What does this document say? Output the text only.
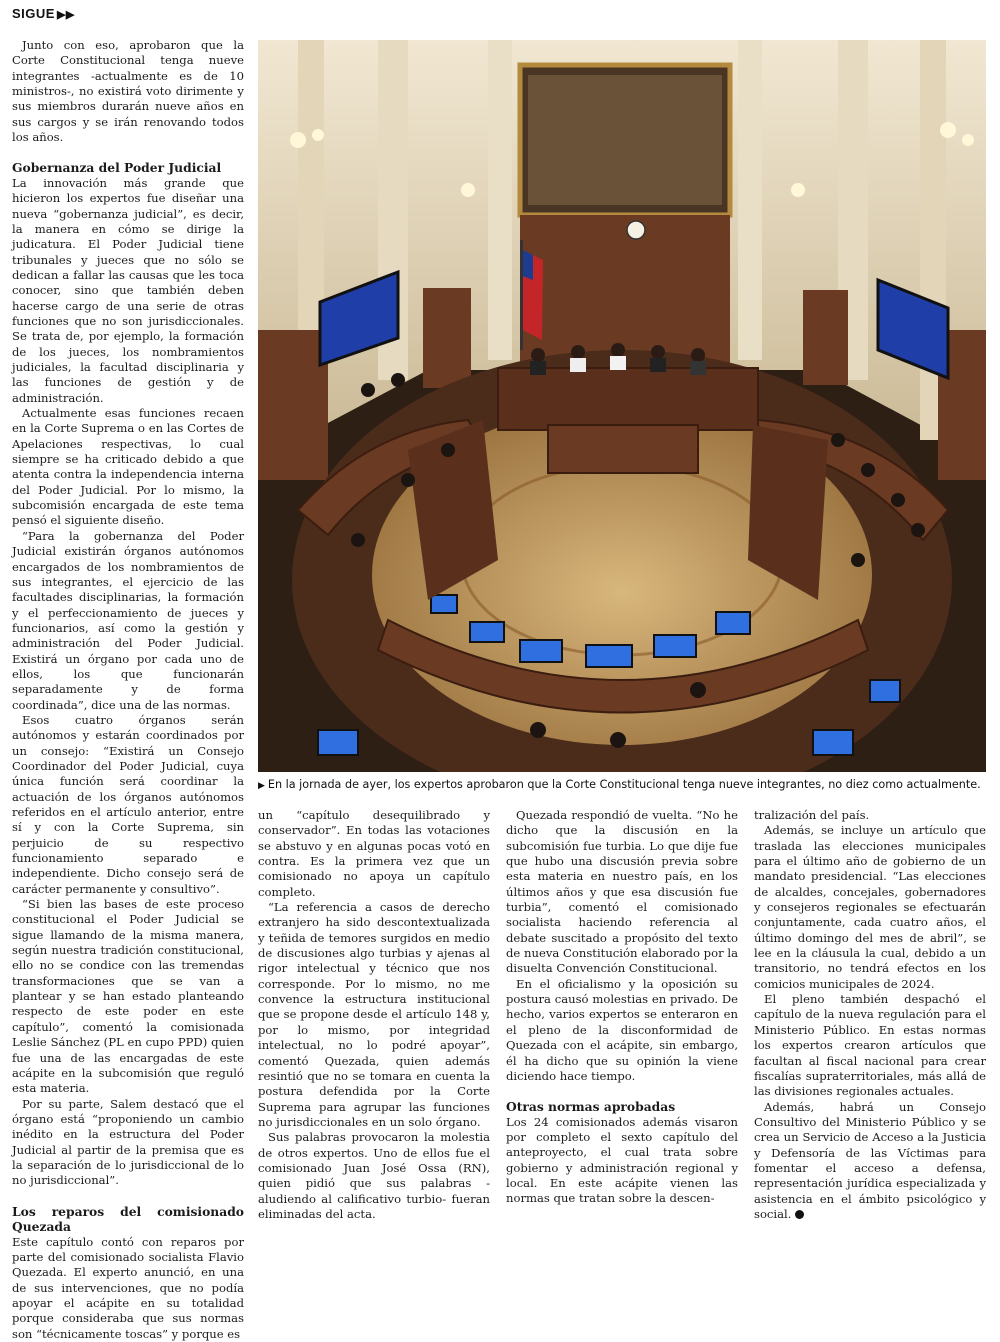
SIGUE ▶▶

Junto con eso, aprobaron que la Corte Constitucional tenga nueve integrantes -actualmente es de 10 ministros-, no existirá voto dirimente y sus miembros durarán nueve años en sus cargos y se irán renovando todos los años.

Gobernanza del Poder Judicial

La innovación más grande que hicieron los expertos fue diseñar una nueva “gobernanza judicial”, es decir, la manera en cómo se dirige la judicatura. El Poder Judicial tiene tribunales y jueces que no sólo se dedican a fallar las causas que les toca conocer, sino que también deben hacerse cargo de una serie de otras funciones que no son jurisdiccionales. Se trata de, por ejemplo, la formación de los jueces, los nombramientos judiciales, la facultad disciplinaria y las funciones de gestión y de administración.

Actualmente esas funciones recaen en la Corte Suprema o en las Cortes de Apelaciones respectivas, lo cual siempre se ha criticado debido a que atenta contra la independencia interna del Poder Judicial. Por lo mismo, la subcomisión encargada de este tema pensó el siguiente diseño.

“Para la gobernanza del Poder Judicial existirán órganos autónomos encargados de los nombramientos de sus integrantes, el ejercicio de las facultades disciplinarias, la formación y el perfeccionamiento de jueces y funcionarios, así como la gestión y administración del Poder Judicial. Existirá un órgano por cada uno de ellos, los que funcionarán separadamente y de forma coordinada”, dice una de las normas.

Esos cuatro órganos serán autónomos y estarán coordinados por un consejo: “Existirá un Consejo Coordinador del Poder Judicial, cuya única función será coordinar la actuación de los órganos autónomos referidos en el artículo anterior, entre sí y con la Corte Suprema, sin perjuicio de su respectivo funcionamiento separado e independiente. Dicho consejo será de carácter permanente y consultivo”.

“Si bien las bases de este proceso constitucional el Poder Judicial se sigue llamando de la misma manera, según nuestra tradición constitucional, ello no se condice con las tremendas transformaciones que se van a plantear y se han estado planteando respecto de este poder en este capítulo”, comentó la comisionada Leslie Sánchez (PL en cupo PPD) quien fue una de las encargadas de este acápite en la subcomisión que reguló esta materia.

Por su parte, Salem destacó que el órgano está “proponiendo un cambio inédito en la estructura del Poder Judicial al partir de la premisa que es la separación de lo jurisdiccional de lo no jurisdiccional”.

Los reparos del comisionado Quezada

Este capítulo contó con reparos por parte del comisionado socialista Flavio Quezada. El experto anunció, en una de sus intervenciones, que no podía apoyar el acápite en su totalidad porque consideraba que sus normas son “técnicamente toscas” y porque es

▶ En la jornada de ayer, los expertos aprobaron que la Corte Constitucional tenga nueve integrantes, no diez como actualmente.

un “capítulo desequilibrado y conservador”. En todas las votaciones se abstuvo y en algunas pocas votó en contra. Es la primera vez que un comisionado no apoya un capítulo completo.

“La referencia a casos de derecho extranjero ha sido descontextualizada y teñida de temores surgidos en medio de discusiones algo turbias y ajenas al rigor intelectual y técnico que nos corresponde. Por lo mismo, no me convence la estructura institucional que se propone desde el artículo 148 y, por lo mismo, por integridad intelectual, no lo podré apoyar”, comentó Quezada, quien además resintió que no se tomara en cuenta la postura defendida por la Corte Suprema para agrupar las funciones no jurisdiccionales en un solo órgano.

Sus palabras provocaron la molestia de otros expertos. Uno de ellos fue el comisionado Juan José Ossa (RN), quien pidió que sus palabras -aludiendo al calificativo turbio- fueran eliminadas del acta.

Quezada respondió de vuelta. “No he dicho que la discusión en la subcomisión fue turbia. Lo que dije fue que hubo una discusión previa sobre esta materia en nuestro país, en los últimos años y que esa discusión fue turbia”, comentó el comisionado socialista haciendo referencia al debate suscitado a propósito del texto de nueva Constitución elaborado por la disuelta Convención Constitucional.

En el oficialismo y la oposición su postura causó molestias en privado. De hecho, varios expertos se enteraron en el pleno de la disconformidad de Quezada con el acápite, sin embargo, él ha dicho que su opinión la viene diciendo hace tiempo.

Otras normas aprobadas

Los 24 comisionados además visaron por completo el sexto capítulo del anteproyecto, el cual trata sobre gobierno y administración regional y local. En este acápite vienen las normas que tratan sobre la descen-

tralización del país.

Además, se incluye un artículo que traslada las elecciones municipales para el último año de gobierno de un mandato presidencial. “Las elecciones de alcaldes, concejales, gobernadores y consejeros regionales se efectuarán conjuntamente, cada cuatro años, el último domingo del mes de abril”, se lee en la cláusula la cual, debido a un transitorio, no tendrá efectos en los comicios municipales de 2024.

El pleno también despachó el capítulo de la nueva regulación para el Ministerio Público. En estas normas los expertos crearon artículos que facultan al fiscal nacional para crear fiscalías supraterritoriales, más allá de las divisiones regionales actuales.

Además, habrá un Consejo Consultivo del Ministerio Público y se crea un Servicio de Acceso a la Justicia y Defensoría de las Víctimas para fomentar el acceso a defensa, representación jurídica especializada y asistencia en el ámbito psicológico y social.
